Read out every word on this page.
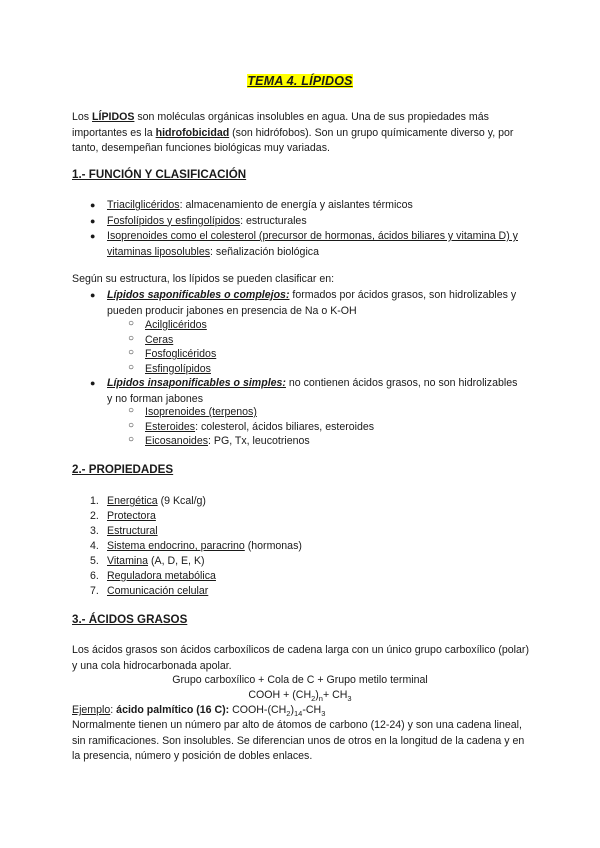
TEMA 4. LÍPIDOS
Los LÍPIDOS son moléculas orgánicas insolubles en agua. Una de sus propiedades más importantes es la hidrofobicidad (son hidrófobos). Son un grupo químicamente diverso y, por tanto, desempeñan funciones biológicas muy variadas.
1.- FUNCIÓN Y CLASIFICACIÓN
● Triacilglicéridos: almacenamiento de energía y aislantes térmicos
● Fosfolípidos y esfingolípidos: estructurales
● Isoprenoides como el colesterol (precursor de hormonas, ácidos biliares y vitamina D) y vitaminas liposolubles: señalización biológica
Según su estructura, los lípidos se pueden clasificar en:
● Lípidos saponificables o complejos: formados por ácidos grasos, son hidrolizables y pueden producir jabones en presencia de Na o K-OH
○ Acilglicéridos
○ Ceras
○ Fosfoglicéridos
○ Esfingolípidos
● Lípidos insaponificables o simples: no contienen ácidos grasos, no son hidrolizables y no forman jabones
○ Isoprenoides (terpenos)
○ Esteroides: colesterol, ácidos biliares, esteroides
○ Eicosanoides: PG, Tx, leucotrienos
2.- PROPIEDADES
1. Energética (9 Kcal/g)
2. Protectora
3. Estructural
4. Sistema endocrino, paracrino (hormonas)
5. Vitamina (A, D, E, K)
6. Reguladora metabólica
7. Comunicación celular
3.- ÁCIDOS GRASOS
Los ácidos grasos son ácidos carboxílicos de cadena larga con un único grupo carboxílico (polar) y una cola hidrocarbonada apolar.
Grupo carboxílico + Cola de C + Grupo metilo terminal
COOH + $(CH_2)_n+ CH_3$
Ejemplo: ácido palmítico (16 C): COOH-$(CH_2)_{14}-CH_3$
Normalmente tienen un número par alto de átomos de carbono (12-24) y son una cadena lineal, sin ramificaciones. Son insolubles. Se diferencian unos de otros en la longitud de la cadena y en la presencia, número y posición de dobles enlaces.
